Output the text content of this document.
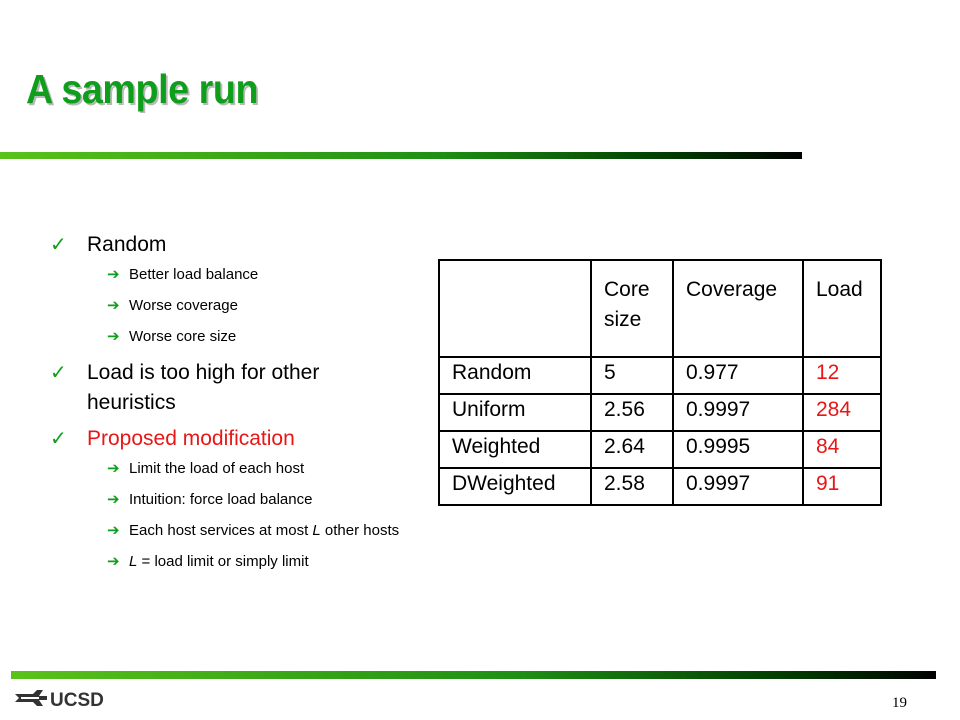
A sample run
✓ Random
➔ Better load balance
➔ Worse coverage
➔ Worse core size
✓ Load is too high for other heuristics
✓ Proposed modification
➔ Limit the load of each host
➔ Intuition: force load balance
➔ Each host services at most L other hosts
➔ L = load limit or simply limit
	Core size	Coverage	Load
Random	5	0.977	12
Uniform	2.56	0.9997	284
Weighted	2.64	0.9995	84
DWeighted	2.58	0.9997	91
UCSD	19
